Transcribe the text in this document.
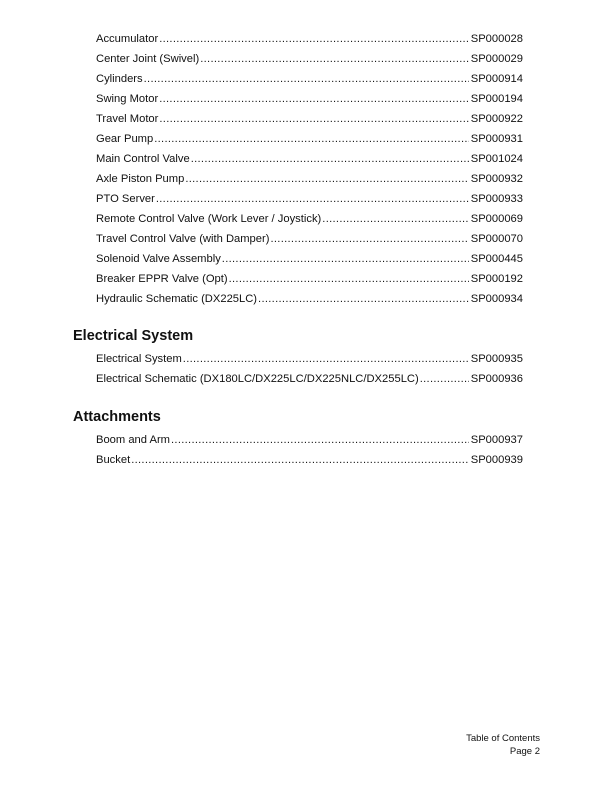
Accumulator .....	SP000028
Center Joint (Swivel) .....	SP000029
Cylinders .....	SP000914
Swing Motor .....	SP000194
Travel Motor .....	SP000922
Gear Pump .....	SP000931
Main Control Valve .....	SP001024
Axle Piston Pump .....	SP000932
PTO Server .....	SP000933
Remote Control Valve (Work Lever / Joystick) .....	SP000069
Travel Control Valve (with Damper) .....	SP000070
Solenoid Valve Assembly .....	SP000445
Breaker EPPR Valve (Opt) .....	SP000192
Hydraulic Schematic (DX225LC) .....	SP000934
Electrical System .....	SP000935
Electrical Schematic (DX180LC/DX225LC/DX225NLC/DX255LC) .....	SP000936
Boom and Arm .....	SP000937
Bucket .....	SP000939
Electrical System
Attachments
Table of Contents
Page 2
